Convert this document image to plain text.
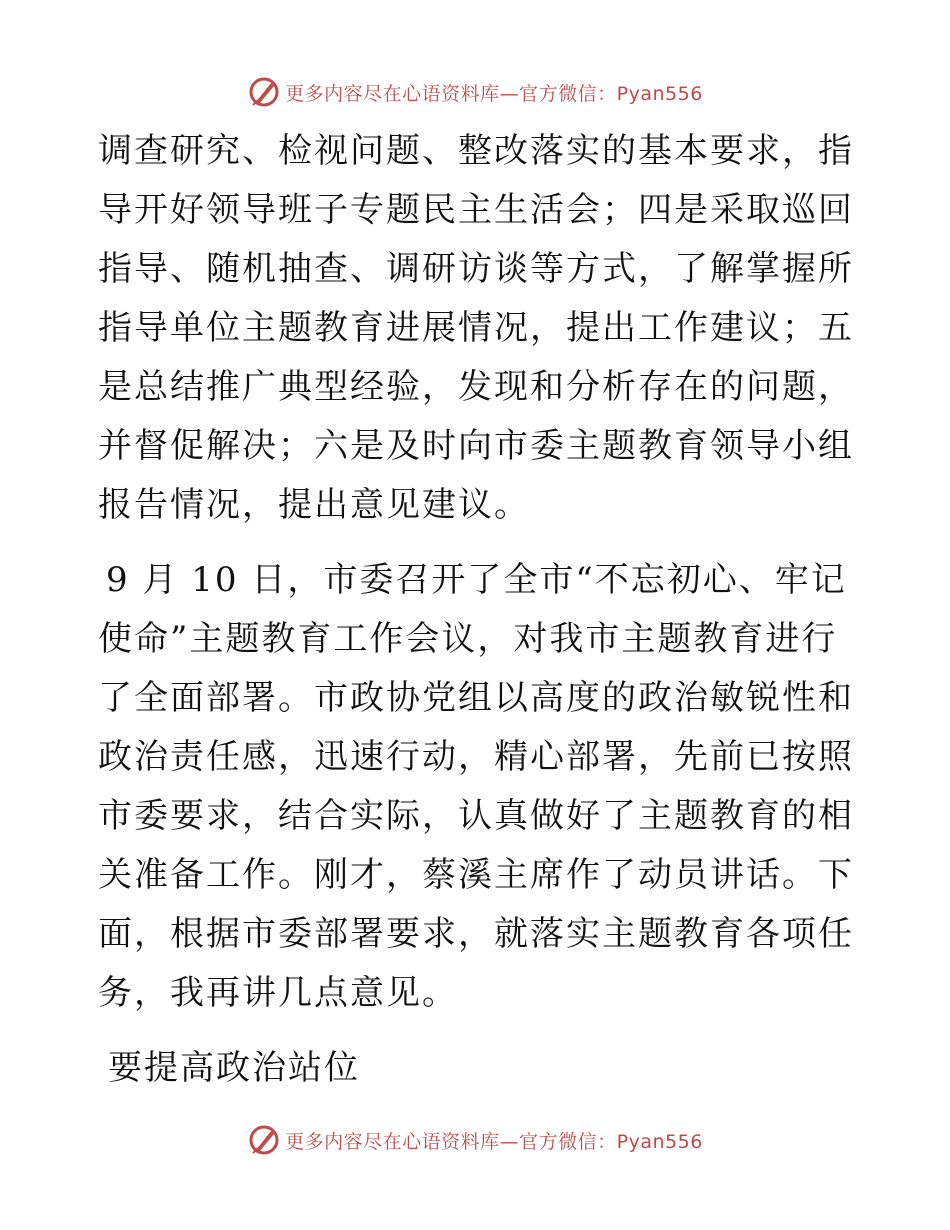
更多内容尽在心语资料库—官方微信：Pyan556

调查研究、检视问题、整改落实的基本要求，指导开好领导班子专题民主生活会；四是采取巡回指导、随机抽查、调研访谈等方式，了解掌握所指导单位主题教育进展情况，提出工作建议；五是总结推广典型经验，发现和分析存在的问题，并督促解决；六是及时向市委主题教育领导小组报告情况，提出意见建议。

9 月 10 日，市委召开了全市“不忘初心、牢记使命”主题教育工作会议，对我市主题教育进行了全面部署。市政协党组以高度的政治敏锐性和政治责任感，迅速行动，精心部署，先前已按照市委要求，结合实际，认真做好了主题教育的相关准备工作。刚才，蔡溪主席作了动员讲话。下面，根据市委部署要求，就落实主题教育各项任务，我再讲几点意见。

要提高政治站位

更多内容尽在心语资料库—官方微信：Pyan556
